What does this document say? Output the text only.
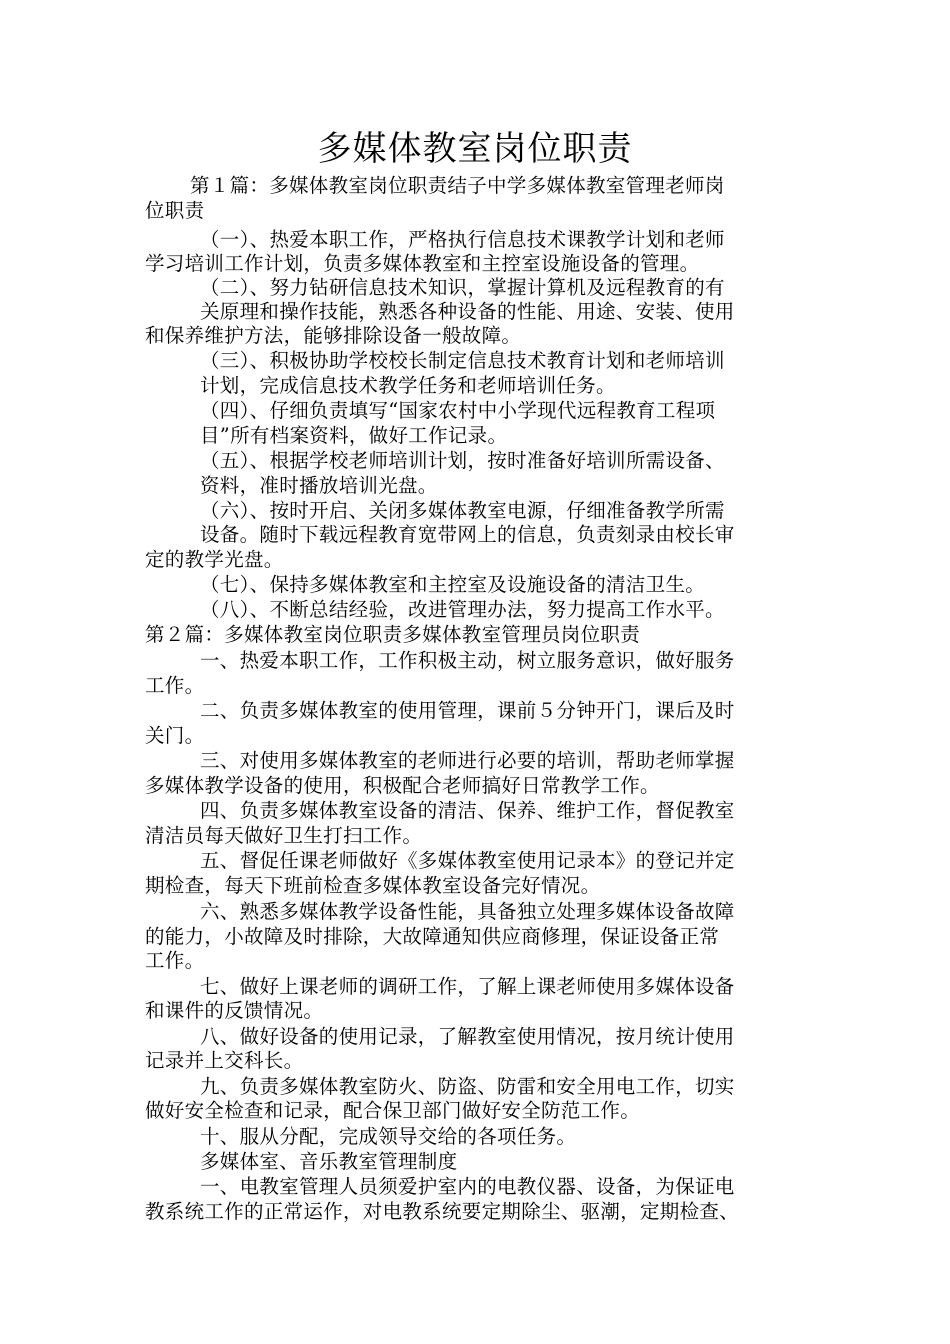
多媒体教室岗位职责
第１篇：多媒体教室岗位职责结子中学多媒体教室管理老师岗
位职责
（一）、热爱本职工作，严格执行信息技术课教学计划和老师
学习培训工作计划，负责多媒体教室和主控室设施设备的管理。
（二）、努力钻研信息技术知识，掌握计算机及远程教育的有
关原理和操作技能，熟悉各种设备的性能、用途、安装、使用
和保养维护方法，能够排除设备一般故障。
（三）、积极协助学校校长制定信息技术教育计划和老师培训
计划，完成信息技术教学任务和老师培训任务。
（四）、仔细负责填写“国家农村中小学现代远程教育工程项
目”所有档案资料，做好工作记录。
（五）、根据学校老师培训计划，按时准备好培训所需设备、
资料，准时播放培训光盘。
（六）、按时开启、关闭多媒体教室电源，仔细准备教学所需
设备。随时下载远程教育宽带网上的信息，负责刻录由校长审
定的教学光盘。
（七）、保持多媒体教室和主控室及设施设备的清洁卫生。
（八）、不断总结经验，改进管理办法，努力提高工作水平。
第２篇：多媒体教室岗位职责多媒体教室管理员岗位职责
一、热爱本职工作，工作积极主动，树立服务意识，做好服务
工作。
二、负责多媒体教室的使用管理，课前５分钟开门，课后及时
关门。
三、对使用多媒体教室的老师进行必要的培训，帮助老师掌握
多媒体教学设备的使用，积极配合老师搞好日常教学工作。
四、负责多媒体教室设备的清洁、保养、维护工作，督促教室
清洁员每天做好卫生打扫工作。
五、督促任课老师做好《多媒体教室使用记录本》的登记并定
期检查，每天下班前检查多媒体教室设备完好情况。
六、熟悉多媒体教学设备性能，具备独立处理多媒体设备故障
的能力，小故障及时排除，大故障通知供应商修理，保证设备正常
工作。
七、做好上课老师的调研工作，了解上课老师使用多媒体设备
和课件的反馈情况。
八、做好设备的使用记录，了解教室使用情况，按月统计使用
记录并上交科长。
九、负责多媒体教室防火、防盗、防雷和安全用电工作，切实
做好安全检查和记录，配合保卫部门做好安全防范工作。
十、服从分配，完成领导交给的各项任务。
多媒体室、音乐教室管理制度
一、电教室管理人员须爱护室内的电教仪器、设备，为保证电
教系统工作的正常运作，对电教系统要定期除尘、驱潮，定期检查、
